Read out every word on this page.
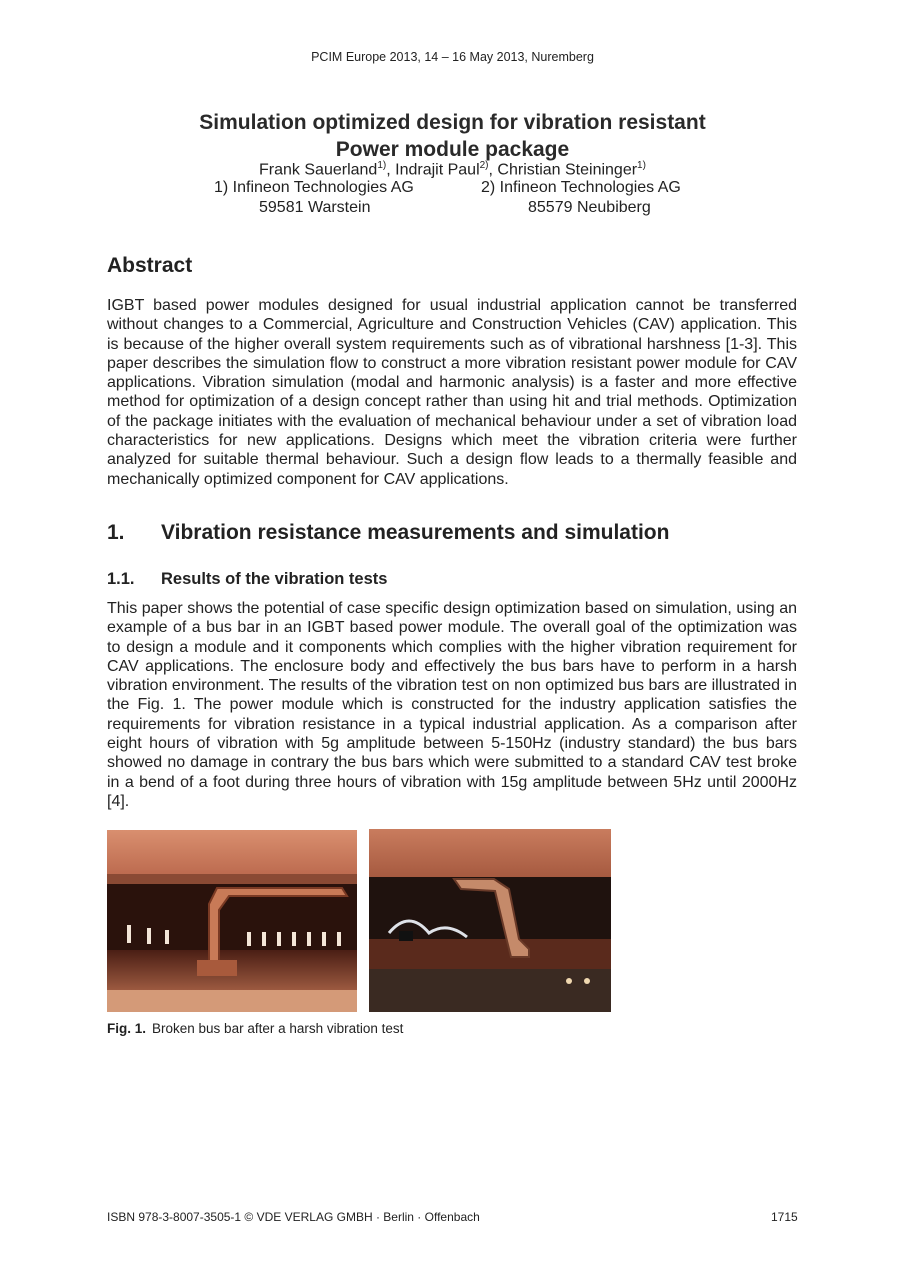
PCIM Europe 2013, 14 – 16 May 2013, Nuremberg
Simulation optimized design for vibration resistant
Power module package
Frank Sauerland$^{1)}$, Indrajit Paul$^{2)}$, Christian Steininger$^{1)}$
1) Infineon Technologies AG	2) Infineon Technologies AG
59581 Warstein	85579 Neubiberg
Abstract

IGBT based power modules designed for usual industrial application cannot be transferred without changes to a Commercial, Agriculture and Construction Vehicles (CAV) application. This is because of the higher overall system requirements such as of vibrational harshness [1-3]. This paper describes the simulation flow to construct a more vibration resistant power module for CAV applications. Vibration simulation (modal and harmonic analysis) is a faster and more effective method for optimization of a design concept rather than using hit and trial methods. Optimization of the package initiates with the evaluation of mechanical behaviour under a set of vibration load characteristics for new applications. Designs which meet the vibration criteria were further analyzed for suitable thermal behaviour. Such a design flow leads to a thermally feasible and mechanically optimized component for CAV applications.

1. Vibration resistance measurements and simulation
1.1. Results of the vibration tests

This paper shows the potential of case specific design optimization based on simulation, using an example of a bus bar in an IGBT based power module. The overall goal of the optimization was to design a module and it components which complies with the higher vibration requirement for CAV applications. The enclosure body and effectively the bus bars have to perform in a harsh vibration environment. The results of the vibration test on non optimized bus bars are illustrated in the Fig. 1. The power module which is constructed for the industry application satisfies the requirements for vibration resistance in a typical industrial application. As a comparison after eight hours of vibration with 5g amplitude between 5-150Hz (industry standard) the bus bars showed no damage in contrary the bus bars which were submitted to a standard CAV test broke in a bend of a foot during three hours of vibration with 15g amplitude between 5Hz until 2000Hz [4].

Fig. 1. Broken bus bar after a harsh vibration test
ISBN 978-3-8007-3505-1 © VDE VERLAG GMBH · Berlin · Offenbach	1715
